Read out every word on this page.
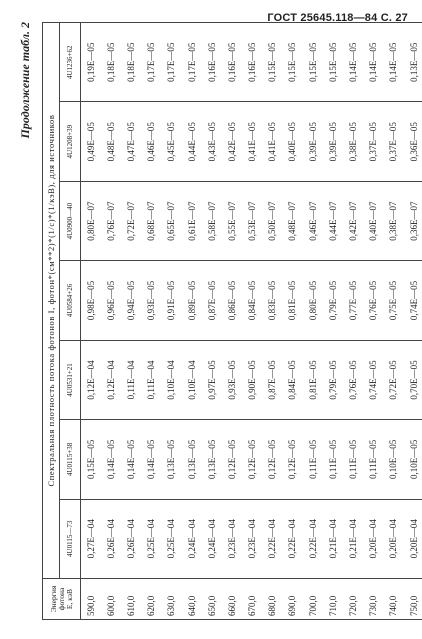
ГОСТ 25645.118—84 С. 27
Продолжение табл. 2
Энергия фотона E, кэВ	Спектральная плотность потока фотонов I, фотон*(см**2)*(1/с)*(1/кэВ), для источников						
	4U0115—73	4U0115+38	4U0531+21	4U0584+26	4U0900—40	4U1208+39	4U1236+62
590,0	0,27Е—04	0,15Е—05	0,12Е—04	0,98Е—05	0,80Е—07	0,49Е—05	0,19Е—05
600,0	0,26Е—04	0,14Е—05	0,12Е—04	0,96Е—05	0,76Е—07	0,48Е—05	0,18Е—05
610,0	0,26Е—04	0,14Е—05	0,11Е—04	0,94Е—05	0,72Е—07	0,47Е—05	0,18Е—05
620,0	0,25Е—04	0,14Е—05	0,11Е—04	0,93Е—05	0,68Е—07	0,46Е—05	0,17Е—05
630,0	0,25Е—04	0,13Е—05	0,10Е—04	0,91Е—05	0,65Е—07	0,45Е—05	0,17Е—05
640,0	0,24Е—04	0,13Е—05	0,10Е—04	0,89Е—05	0,61Е—07	0,44Е—05	0,17Е—05
650,0	0,24Е—04	0,13Е—05	0,97Е—05	0,87Е—05	0,58Е—07	0,43Е—05	0,16Е—05
660,0	0,23Е—04	0,12Е—05	0,93Е—05	0,86Е—05	0,55Е—07	0,42Е—05	0,16Е—05
670,0	0,23Е—04	0,12Е—05	0,90Е—05	0,84Е—05	0,53Е—07	0,41Е—05	0,16Е—05
680,0	0,22Е—04	0,12Е—05	0,87Е—05	0,83Е—05	0,50Е—07	0,41Е—05	0,15Е—05
690,0	0,22Е—04	0,12Е—05	0,84Е—05	0,81Е—05	0,48Е—07	0,40Е—05	0,15Е—05
700,0	0,22Е—04	0,11Е—05	0,81Е—05	0,80Е—05	0,46Е—07	0,39Е—05	0,15Е—05
710,0	0,21Е—04	0,11Е—05	0,79Е—05	0,79Е—05	0,44Е—07	0,39Е—05	0,15Е—05
720,0	0,21Е—04	0,11Е—05	0,76Е—05	0,77Е—05	0,42Е—07	0,38Е—05	0,14Е—05
730,0	0,20Е—04	0,11Е—05	0,74Е—05	0,76Е—05	0,40Е—07	0,37Е—05	0,14Е—05
740,0	0,20Е—04	0,10Е—05	0,72Е—05	0,75Е—05	0,38Е—07	0,37Е—05	0,14Е—05
750,0	0,20Е—04	0,10Е—05	0,70Е—05	0,74Е—05	0,36Е—07	0,36Е—05	0,13Е—05
